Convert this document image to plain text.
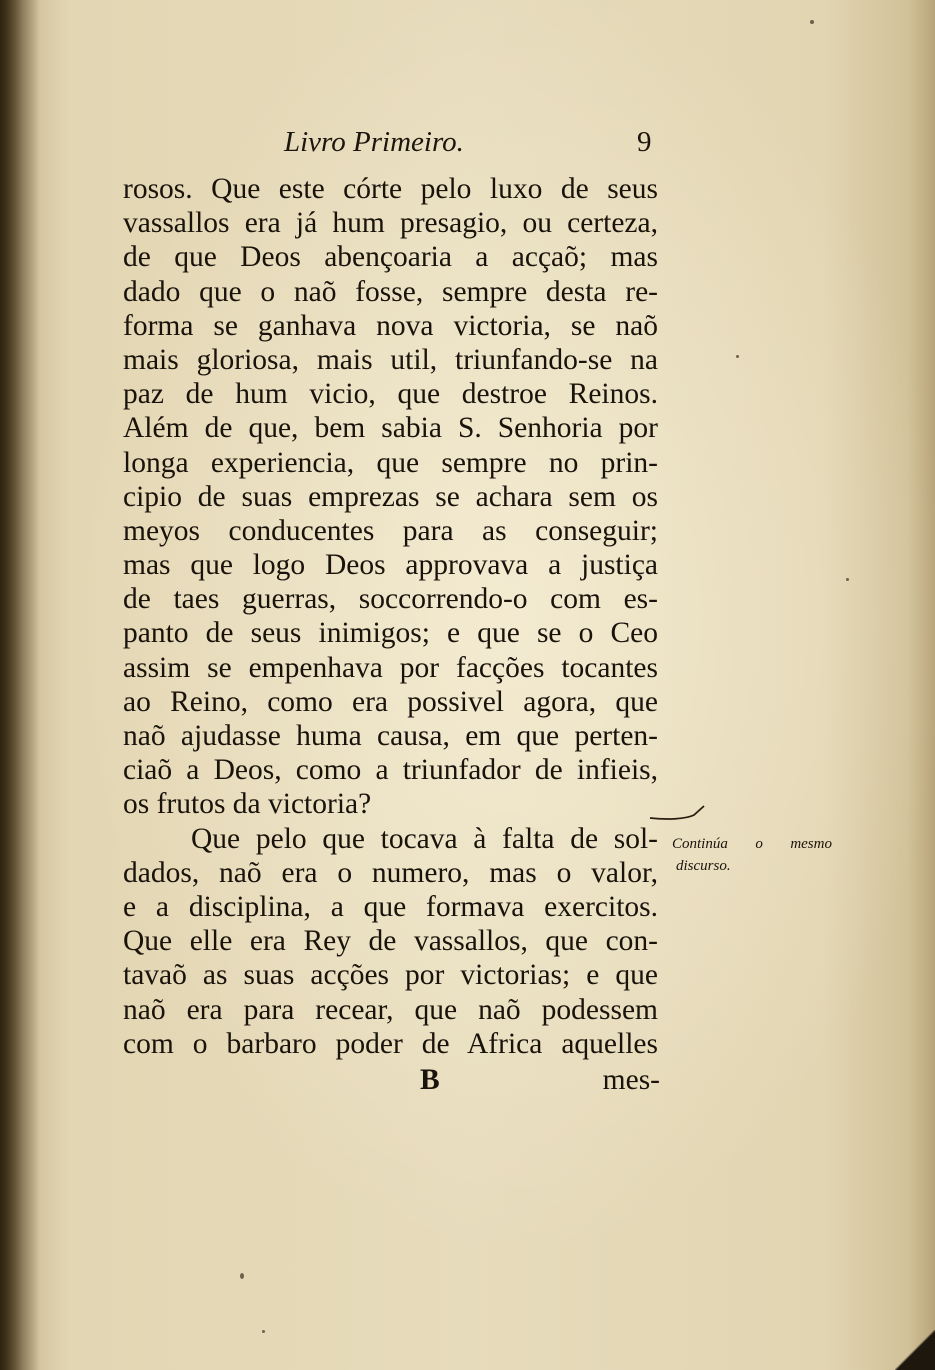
Livro Primeiro.	9
rosos. Que este córte pelo luxo de seus
vassallos era já hum presagio, ou certeza,
de que Deos abençoaria a acçaõ; mas
dado que o naõ fosse, sempre desta re-
forma se ganhava nova victoria, se naõ
mais gloriosa, mais util, triunfando-se na
paz de hum vicio, que destroe Reinos.
Além de que, bem sabia S. Senhoria por
longa experiencia, que sempre no prin-
cipio de suas emprezas se achara sem os
meyos conducentes para as conseguir;
mas que logo Deos approvava a justiça
de taes guerras, soccorrendo-o com es-
panto de seus inimigos; e que se o Ceo
assim se empenhava por facções tocantes
ao Reino, como era possivel agora, que
naõ ajudasse huma causa, em que perten-
ciaõ a Deos, como a triunfador de infieis,
os frutos da victoria?
Que pelo que tocava à falta de sol-
dados, naõ era o numero, mas o valor,
e a disciplina, a que formava exercitos.
Que elle era Rey de vassallos, que con-
tavaõ as suas acções por victorias; e que
naõ era para recear, que naõ podessem
com o barbaro poder de Africa aquelles
Continúa o mesmo
discurso.
B	mes-
